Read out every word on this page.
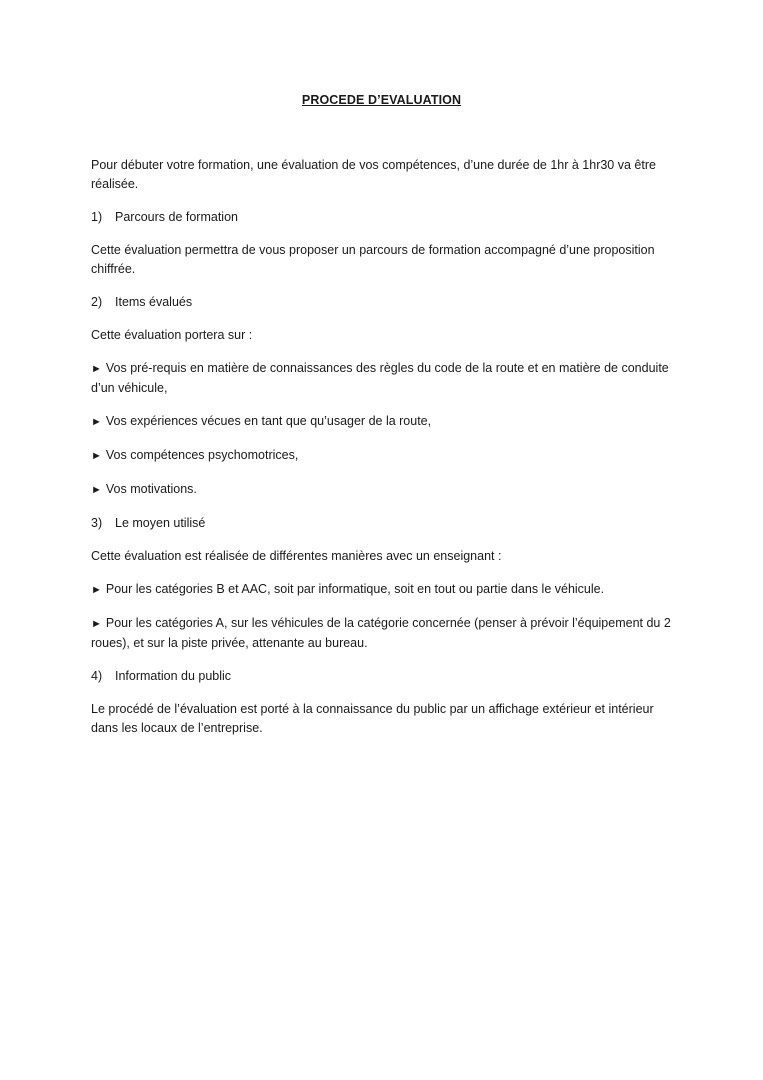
PROCEDE D’EVALUATION

Pour débuter votre formation, une évaluation de vos compétences, d’une durée de 1hr à 1hr30 va être réalisée.

1)	Parcours de formation

Cette évaluation permettra de vous proposer un parcours de formation accompagné d’une proposition chiffrée.

2)	Items évalués

Cette évaluation portera sur :

► Vos pré-requis en matière de connaissances des règles du code de la route et en matière de conduite d’un véhicule,

► Vos expériences vécues en tant que qu’usager de la route,

► Vos compétences psychomotrices,

► Vos motivations.

3)	Le moyen utilisé

Cette évaluation est réalisée de différentes manières avec un enseignant :

► Pour les catégories B et AAC, soit par informatique, soit en tout ou partie dans le véhicule.

► Pour les catégories A, sur les véhicules de la catégorie concernée (penser à prévoir l’équipement du 2 roues), et sur la piste privée, attenante au bureau.

4)	Information du public

Le procédé de l’évaluation est porté à la connaissance du public par un affichage extérieur et intérieur dans les locaux de l’entreprise.
